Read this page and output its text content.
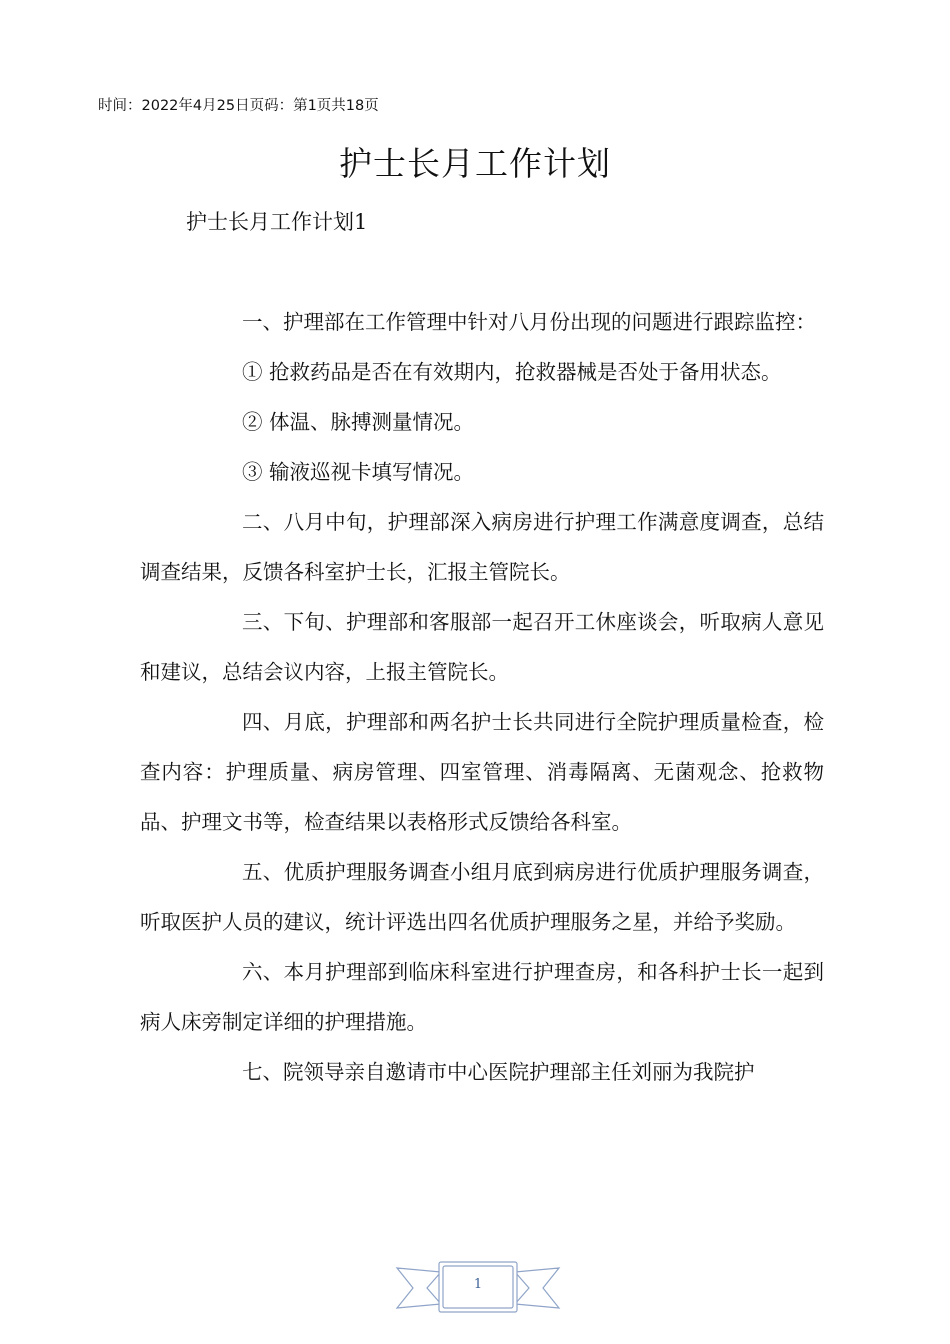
时间：2022年4月25日页码：第1页共18页
护士长月工作计划
护士长月工作计划1

一、护理部在工作管理中针对八月份出现的问题进行跟踪监控：

① 抢救药品是否在有效期内，抢救器械是否处于备用状态。

② 体温、脉搏测量情况。

③ 输液巡视卡填写情况。

二、八月中旬，护理部深入病房进行护理工作满意度调查，总结调查结果，反馈各科室护士长，汇报主管院长。

三、下旬、护理部和客服部一起召开工休座谈会，听取病人意见和建议，总结会议内容，上报主管院长。

四、月底，护理部和两名护士长共同进行全院护理质量检查，检查内容：护理质量、病房管理、四室管理、消毒隔离、无菌观念、抢救物品、护理文书等，检查结果以表格形式反馈给各科室。

五、优质护理服务调查小组月底到病房进行优质护理服务调查，听取医护人员的建议，统计评选出四名优质护理服务之星，并给予奖励。

六、本月护理部到临床科室进行护理查房，和各科护士长一起到病人床旁制定详细的护理措施。

七、院领导亲自邀请市中心医院护理部主任刘丽为我院护

1
